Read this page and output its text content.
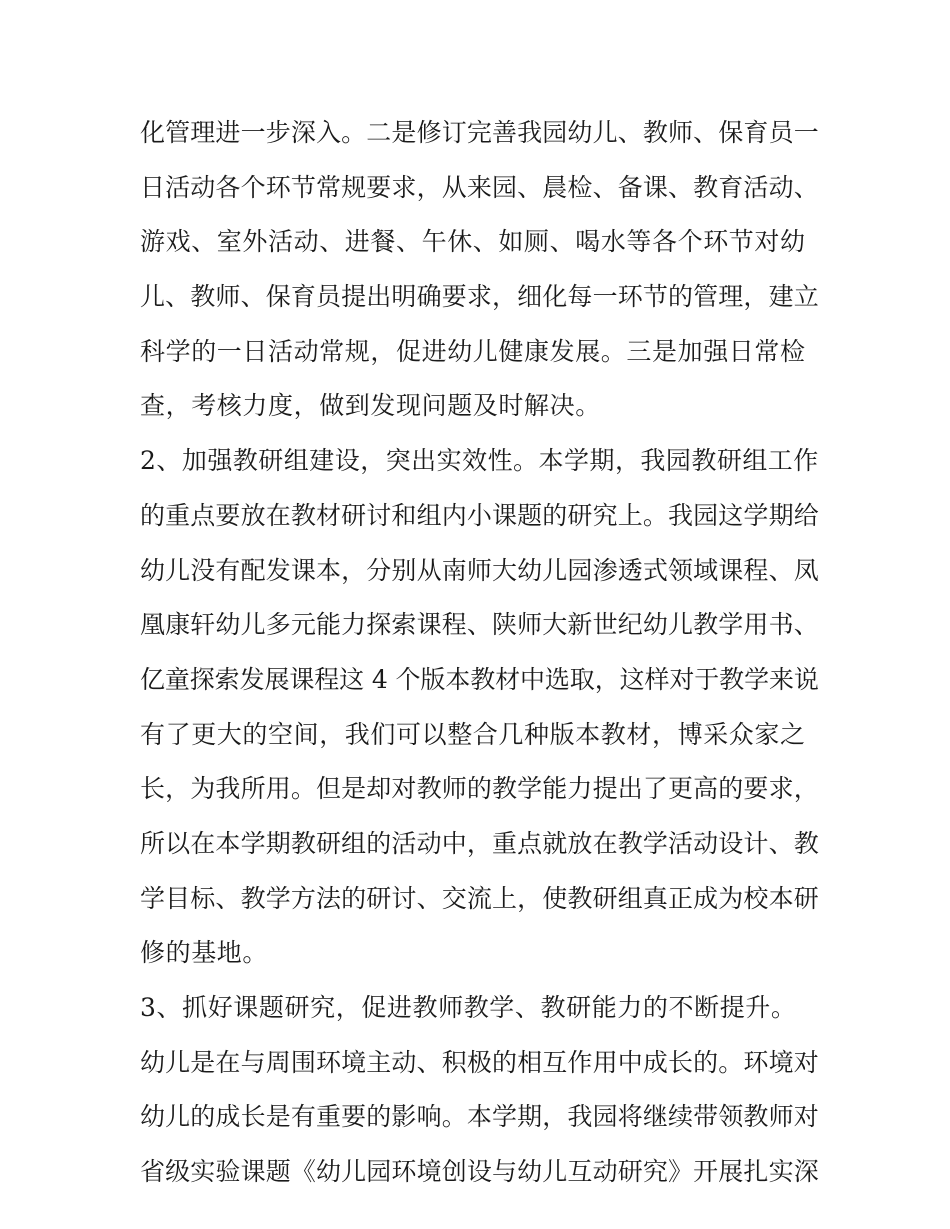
化管理进一步深入。二是修订完善我园幼儿、教师、保育员一
日活动各个环节常规要求，从来园、晨检、备课、教育活动、
游戏、室外活动、进餐、午休、如厕、喝水等各个环节对幼
儿、教师、保育员提出明确要求，细化每一环节的管理，建立
科学的一日活动常规，促进幼儿健康发展。三是加强日常检
查，考核力度，做到发现问题及时解决。
2、加强教研组建设，突出实效性。本学期，我园教研组工作
的重点要放在教材研讨和组内小课题的研究上。我园这学期给
幼儿没有配发课本，分别从南师大幼儿园渗透式领域课程、凤
凰康轩幼儿多元能力探索课程、陕师大新世纪幼儿教学用书、
亿童探索发展课程这 4 个版本教材中选取，这样对于教学来说
有了更大的空间，我们可以整合几种版本教材，博采众家之
长，为我所用。但是却对教师的教学能力提出了更高的要求，
所以在本学期教研组的活动中，重点就放在教学活动设计、教
学目标、教学方法的研讨、交流上，使教研组真正成为校本研
修的基地。
3、抓好课题研究，促进教师教学、教研能力的不断提升。
幼儿是在与周围环境主动、积极的相互作用中成长的。环境对
幼儿的成长是有重要的影响。本学期，我园将继续带领教师对
省级实验课题《幼儿园环境创设与幼儿互动研究》开展扎实深
